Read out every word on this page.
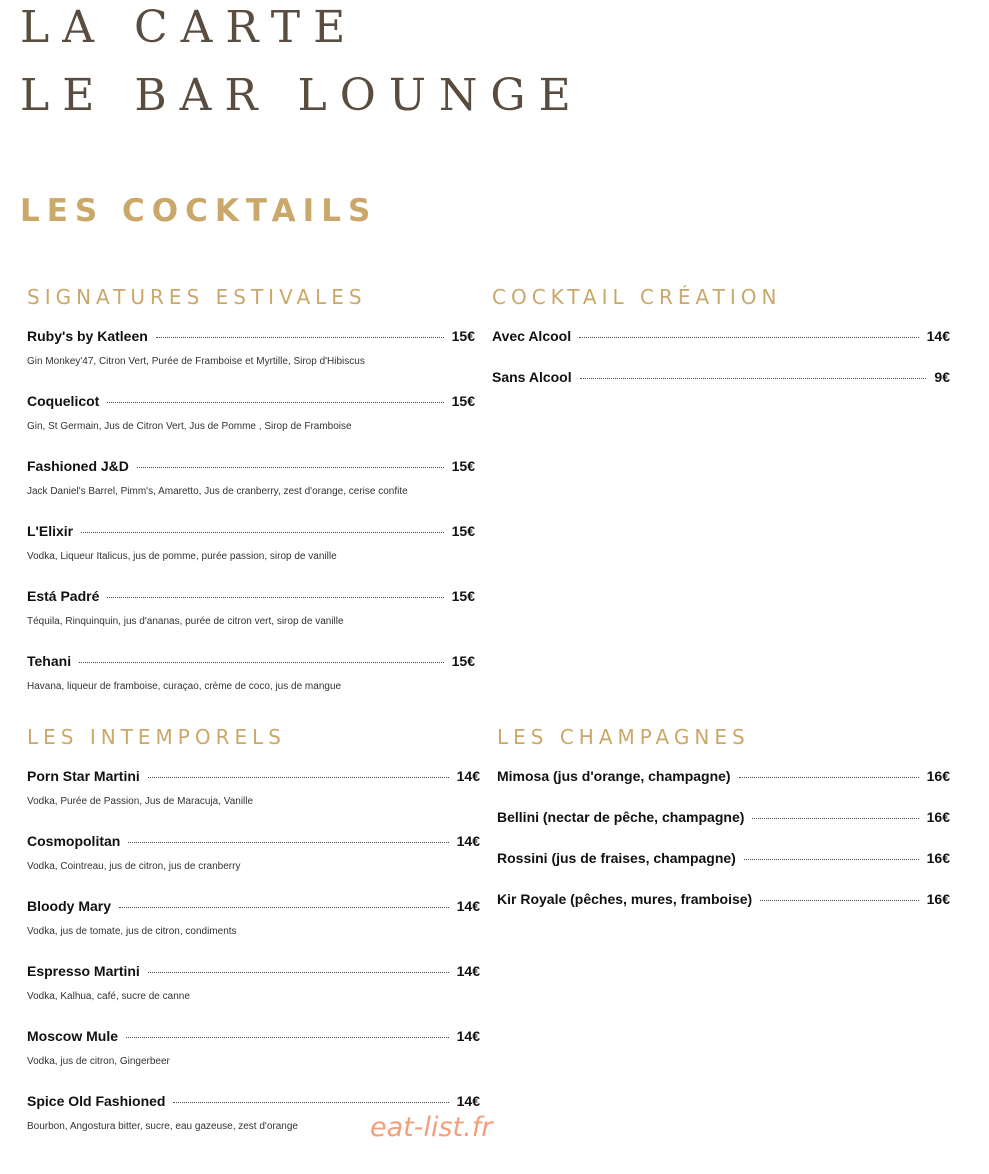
LA CARTE
LE BAR LOUNGE
LES COCKTAILS
SIGNATURES ESTIVALES
Ruby's by Katleen	15€
Gin Monkey'47, Citron Vert, Purée de Framboise et Myrtille, Sirop d'Hibiscus
Coquelicot	15€
Gin, St Germain, Jus de Citron Vert, Jus de Pomme , Sirop de Framboise
Fashioned J&D	15€
Jack Daniel's Barrel, Pimm's, Amaretto, Jus de cranberry, zest d'orange, cerise confite
L'Elixir	15€
Vodka, Liqueur Italicus, jus de pomme, purée passion, sirop de vanille
Está Padré	15€
Téquila, Rinquinquin, jus d'ananas, purée de citron vert, sirop de vanille
Tehani	15€
Havana, liqueur de framboise, curaçao, crème de coco, jus de mangue
COCKTAIL CRÉATION
Avec Alcool	14€
Sans Alcool	9€
LES INTEMPORELS
Porn Star Martini	14€
Vodka, Purée de Passion, Jus de Maracuja, Vanille
Cosmopolitan	14€
Vodka, Cointreau, jus de citron, jus de cranberry
Bloody Mary	14€
Vodka, jus de tomate, jus de citron, condiments
Espresso Martini	14€
Vodka, Kalhua, café, sucre de canne
Moscow Mule	14€
Vodka, jus de citron, Gingerbeer
Spice Old Fashioned	14€
Bourbon, Angostura bitter, sucre, eau gazeuse, zest d'orange
LES CHAMPAGNES
Mimosa (jus d'orange, champagne)	16€
Bellini (nectar de pêche, champagne)	16€
Rossini (jus de fraises, champagne)	16€
Kir Royale (pêches, mures, framboise)	16€
eat-list.fr
